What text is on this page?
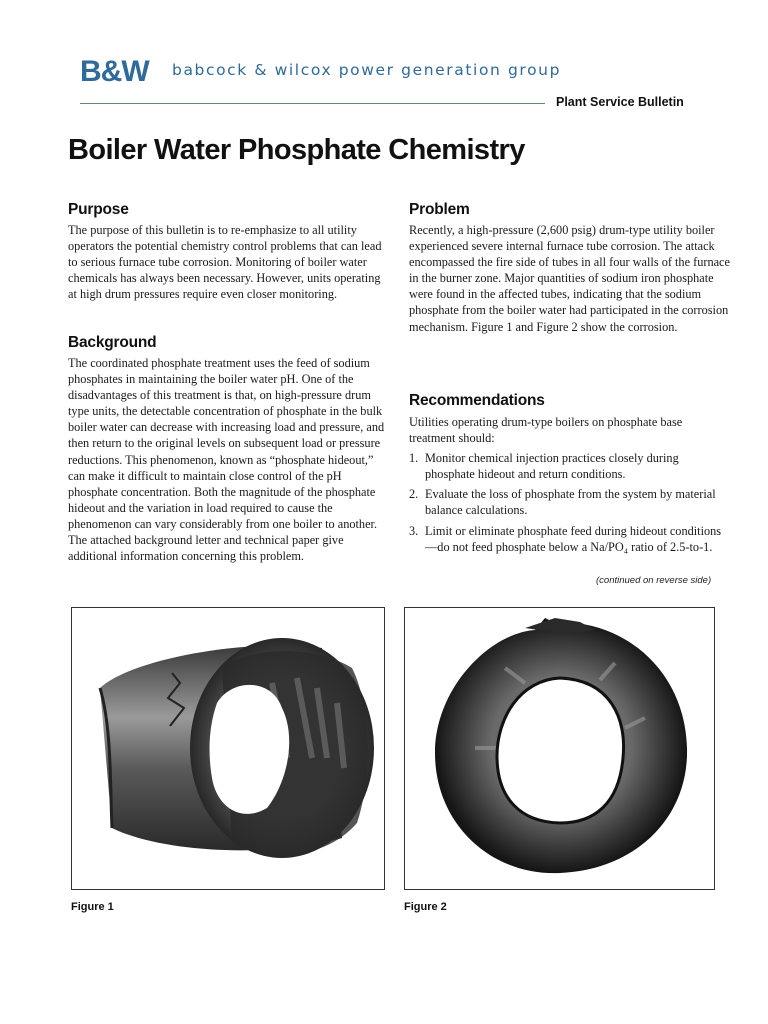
B&W babcock & wilcox power generation group
Plant Service Bulletin
Boiler Water Phosphate Chemistry
Purpose

The purpose of this bulletin is to re-emphasize to all utility operators the potential chemistry control problems that can lead to serious furnace tube corrosion. Monitoring of boiler water chemicals has always been necessary. However, units operating at high drum pressures require even closer monitoring.

Background

The coordinated phosphate treatment uses the feed of sodium phosphates in maintaining the boiler water pH. One of the disadvantages of this treatment is that, on high-pressure drum type units, the detectable concentration of phosphate in the bulk boiler water can decrease with increasing load and pressure, and then return to the original levels on subsequent load or pressure reductions. This phenomenon, known as “phosphate hideout,” can make it difficult to maintain close control of the pH phosphate concentration. Both the magnitude of the phosphate hideout and the variation in load required to cause the phenomenon can vary considerably from one boiler to another. The attached background letter and technical paper give additional information concerning this problem.

Problem

Recently, a high-pressure (2,600 psig) drum-type utility boiler experienced severe internal furnace tube corrosion. The attack encompassed the fire side of tubes in all four walls of the furnace in the burner zone. Major quantities of sodium iron phosphate were found in the affected tubes, indicating that the sodium phosphate from the boiler water had participated in the corrosion mechanism. Figure 1 and Figure 2 show the corrosion.

Recommendations

Utilities operating drum-type boilers on phosphate base treatment should:

1. Monitor chemical injection practices closely during phosphate hideout and return conditions.
2. Evaluate the loss of phosphate from the system by material balance calculations.
3. Limit or eliminate phosphate feed during hideout conditions—do not feed phosphate below a Na/PO₄ ratio of 2.5-to-1.
(continued on reverse side)
Figure 1	Figure 2
